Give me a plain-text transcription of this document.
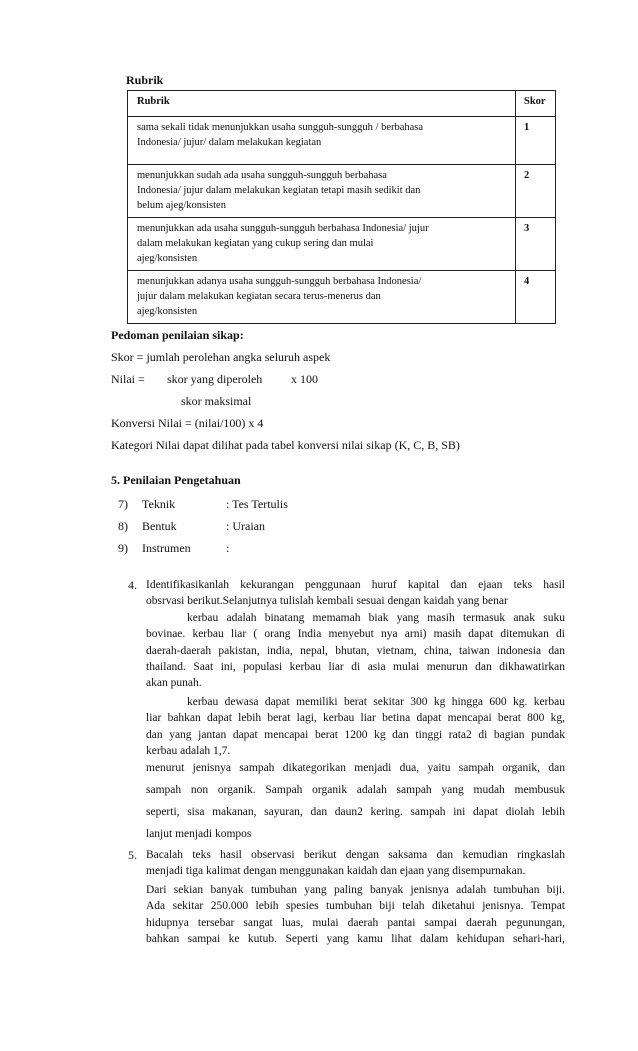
Rubrik
Rubrik	Skor

sama sekali tidak menunjukkan usaha sungguh-sungguh / berbahasa
Indonesia/ jujur/ dalam melakukan kegiatan	1

menunjukkan sudah ada usaha sungguh-sungguh berbahasa
Indonesia/ jujur dalam melakukan kegiatan tetapi masih sedikit dan
belum ajeg/konsisten	2

menunjukkan ada usaha sungguh-sungguh berbahasa Indonesia/ jujur
dalam melakukan kegiatan yang cukup sering dan mulai
ajeg/konsisten	3

menunjukkan adanya usaha sungguh-sungguh berbahasa Indonesia/
jujur dalam melakukan kegiatan secara terus-menerus dan
ajeg/konsisten	4
Pedoman penilaian sikap:
Skor = jumlah perolehan angka seluruh aspek
Nilai = skor yang diperoleh x 100
skor maksimal
Konversi Nilai = (nilai/100) x 4
Kategori Nilai dapat dilihat pada tabel konversi nilai sikap (K, C, B, SB)
5. Penilaian Pengetahuan
7) Teknik	: Tes Tertulis
8) Bentuk	: Uraian
9) Instrumen	:
4. Identifikasikanlah kekurangan penggunaan huruf kapital dan ejaan teks hasil
obsrvasi berikut.Selanjutnya tulislah kembali sesuai dengan kaidah yang benar
kerbau adalah binatang memamah biak yang masih termasuk anak suku
bovinae. kerbau liar ( orang India menyebut nya arni) masih dapat ditemukan di
daerah-daerah pakistan, india, nepal, bhutan, vietnam, china, taiwan indonesia dan
thailand. Saat ini, populasi kerbau liar di asia mulai menurun dan dikhawatirkan
akan punah.
kerbau dewasa dapat memiliki berat sekitar 300 kg hingga 600 kg. kerbau
liar bahkan dapat lebih berat lagi, kerbau liar betina dapat mencapai berat 800 kg,
dan yang jantan dapat mencapai berat 1200 kg dan tinggi rata2 di bagian pundak
kerbau adalah 1,7.
menurut jenisnya sampah dikategorikan menjadi dua, yaitu sampah organik, dan
sampah non organik. Sampah organik adalah sampah yang mudah membusuk
seperti, sisa makanan, sayuran, dan daun2 kering. sampah ini dapat diolah lebih
lanjut menjadi kompos
5. Bacalah teks hasil observasi berikut dengan saksama dan kemudian ringkaslah
menjadi tiga kalimat dengan menggunakan kaidah dan ejaan yang disempurnakan.
Dari sekian banyak tumbuhan yang paling banyak jenisnya adalah tumbuhan biji.
Ada sekitar 250.000 lebih spesies tumbuhan biji telah diketahui jenisnya. Tempat
hidupnya tersebar sangat luas, mulai daerah pantai sampai daerah pegunungan,
bahkan sampai ke kutub. Seperti yang kamu lihat dalam kehidupan sehari-hari,
